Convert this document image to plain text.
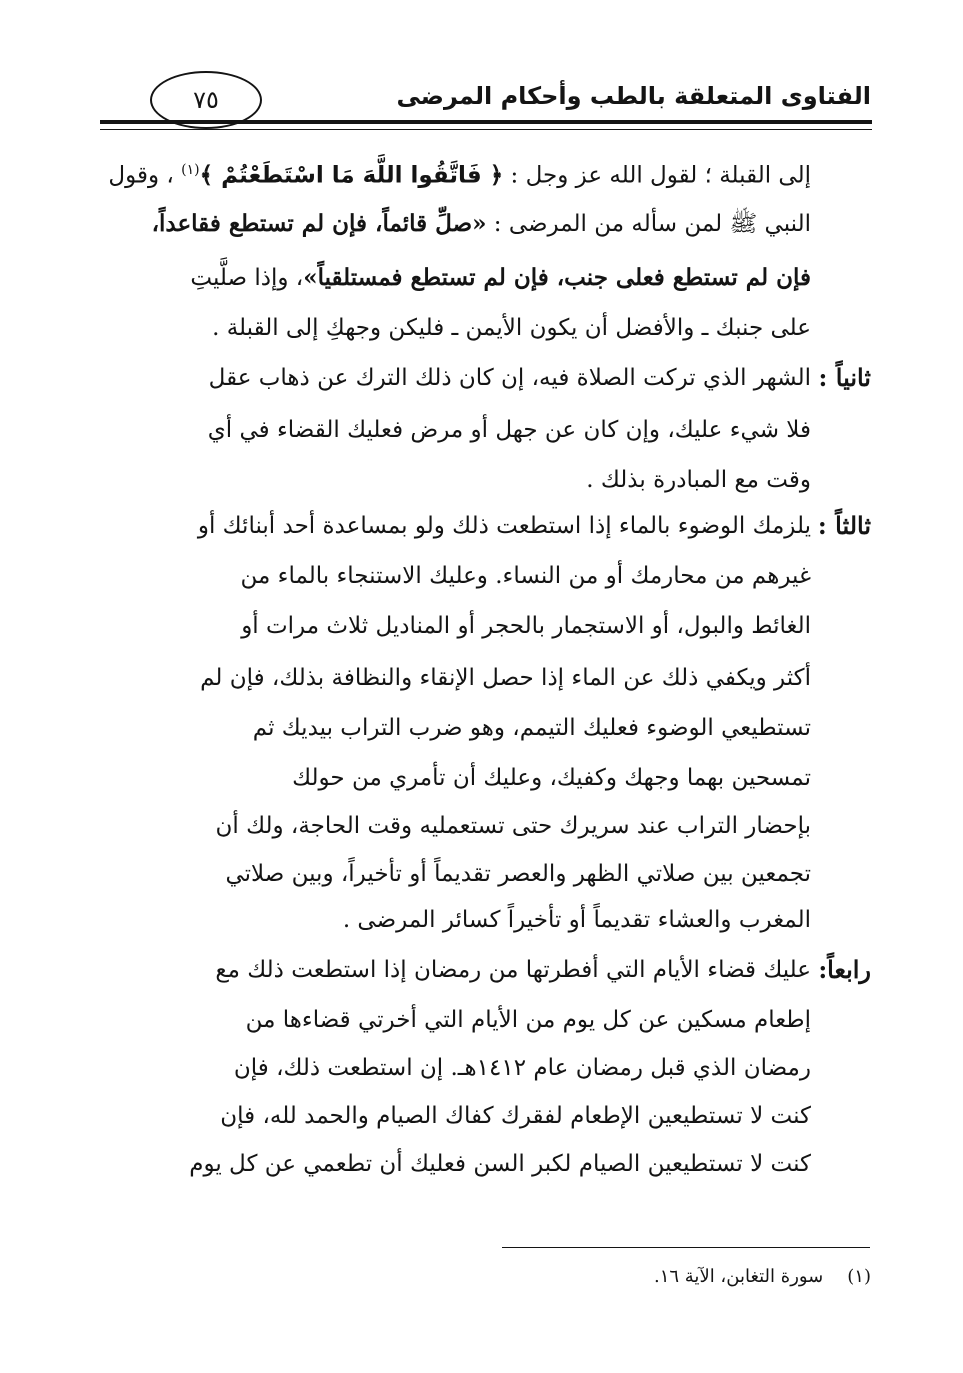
الفتاوى المتعلقة بالطب وأحكام المرضى
٧٥
إلى القبلة ؛ لقول الله عز وجل : ﴿ فَاتَّقُوا اللَّهَ مَا اسْتَطَعْتُمْ ﴾$^{(١)}$ ، وقول
النبي ﷺ لمن سأله من المرضى : «صلِّ قائماً، فإن لم تستطع فقاعداً،
فإن لم تستطع فعلى جنب، فإن لم تستطع فمستلقياً»، وإذا صلَّيتِ
على جنبك ـ والأفضل أن يكون الأيمن ـ فليكن وجهكِ إلى القبلة .
ثانياً :
الشهر الذي تركت الصلاة فيه، إن كان ذلك الترك عن ذهاب عقل
فلا شيء عليك، وإن كان عن جهل أو مرض فعليك القضاء في أي
وقت مع المبادرة بذلك .
ثالثاً :
يلزمك الوضوء بالماء إذا استطعت ذلك ولو بمساعدة أحد أبنائك أو
غيرهم من محارمك أو من النساء. وعليك الاستنجاء بالماء من
الغائط والبول، أو الاستجمار بالحجر أو المناديل ثلاث مرات أو
أكثر ويكفي ذلك عن الماء إذا حصل الإنقاء والنظافة بذلك، فإن لم
تستطيعي الوضوء فعليك التيمم، وهو ضرب التراب بيديك ثم
تمسحين بهما وجهك وكفيك، وعليك أن تأمري من حولك
بإحضار التراب عند سريرك حتى تستعمليه وقت الحاجة، ولك أن
تجمعين بين صلاتي الظهر والعصر تقديماً أو تأخيراً، وبين صلاتي
المغرب والعشاء تقديماً أو تأخيراً كسائر المرضى .
رابعاً:
عليك قضاء الأيام التي أفطرتها من رمضان إذا استطعت ذلك مع
إطعام مسكين عن كل يوم من الأيام التي أخرتي قضاءها من
رمضان الذي قبل رمضان عام ١٤١٢هـ. إن استطعت ذلك، فإن
كنت لا تستطيعين الإطعام لفقرك كفاك الصيام والحمد لله، فإن
كنت لا تستطيعين الصيام لكبر السن فعليك أن تطعمي عن كل يوم
(١)سورة التغابن، الآية ١٦.
